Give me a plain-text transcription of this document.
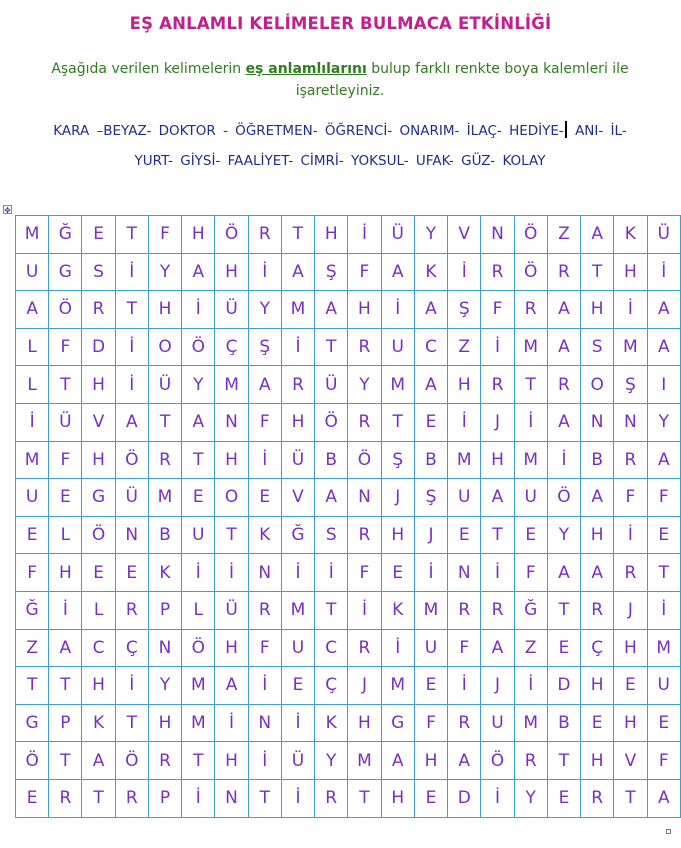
EŞ ANLAMLI KELİMELER BULMACA ETKİNLİĞİ
Aşağıda verilen kelimelerin eş anlamlılarını bulup farklı renkte boya kalemleri ile işaretleyiniz.
KARA –BEYAZ- DOKTOR - ÖĞRETMEN- ÖĞRENCİ- ONARIM- İLAÇ- HEDİYE- ANI- İL-
YURT- GİYSİ- FAALİYET- CİMRİ- YOKSUL- UFAK- GÜZ- KOLAY
✥
M	Ğ	E	T	F	H	Ö	R	T	H	İ	Ü	Y	V	N	Ö	Z	A	K	Ü
U	G	S	İ	Y	A	H	İ	A	Ş	F	A	K	İ	R	Ö	R	T	H	İ
A	Ö	R	T	H	İ	Ü	Y	M	A	H	İ	A	Ş	F	R	A	H	İ	A
L	F	D	İ	O	Ö	Ç	Ş	İ	T	R	U	C	Z	İ	M	A	S	M	A
L	T	H	İ	Ü	Y	M	A	R	Ü	Y	M	A	H	R	T	R	O	Ş	I
İ	Ü	V	A	T	A	N	F	H	Ö	R	T	E	İ	J	İ	A	N	N	Y
M	F	H	Ö	R	T	H	İ	Ü	B	Ö	Ş	B	M	H	M	İ	B	R	A
U	E	G	Ü	M	E	O	E	V	A	N	J	Ş	U	A	U	Ö	A	F	F
E	L	Ö	N	B	U	T	K	Ğ	S	R	H	J	E	T	E	Y	H	İ	E
F	H	E	E	K	İ	İ	N	İ	İ	F	E	İ	N	İ	F	A	A	R	T
Ğ	İ	L	R	P	L	Ü	R	M	T	İ	K	M	R	R	Ğ	T	R	J	İ
Z	A	C	Ç	N	Ö	H	F	U	C	R	İ	U	F	A	Z	E	Ç	H	M
T	T	H	İ	Y	M	A	İ	E	Ç	J	M	E	İ	J	İ	D	H	E	U
G	P	K	T	H	M	İ	N	İ	K	H	G	F	R	U	M	B	E	H	E
Ö	T	A	Ö	R	T	H	İ	Ü	Y	M	A	H	A	Ö	R	T	H	V	F
E	R	T	R	P	İ	N	T	İ	R	T	H	E	D	İ	Y	E	R	T	A
